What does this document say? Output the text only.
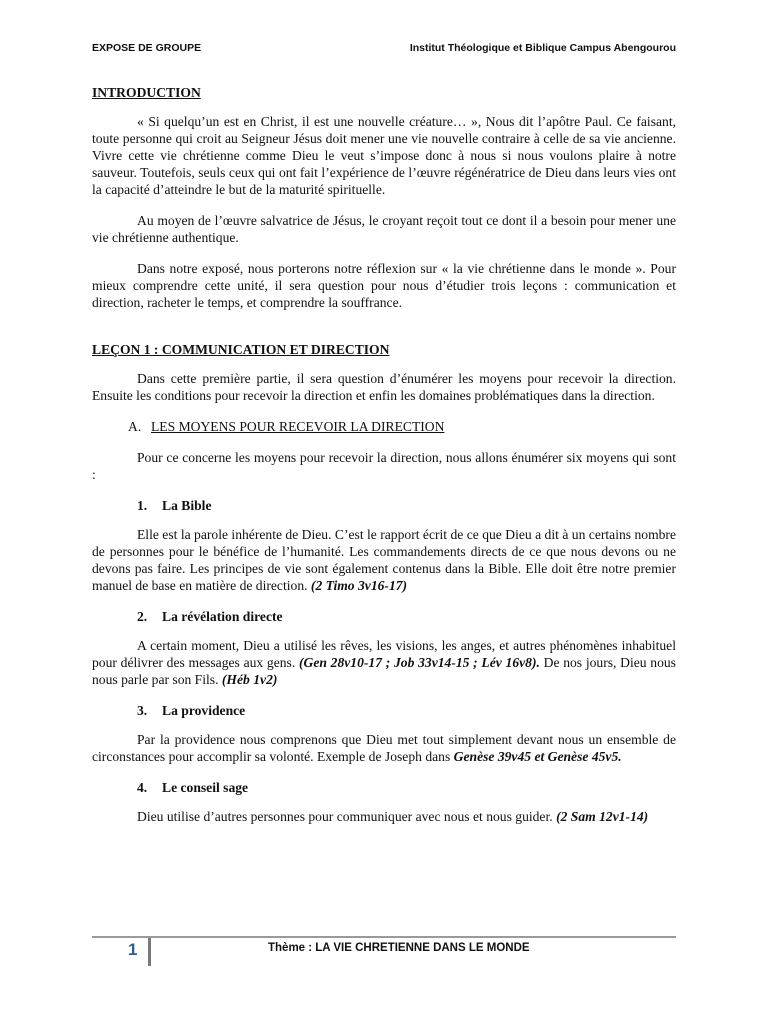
EXPOSE DE GROUPE	Institut Théologique et Biblique Campus Abengourou
INTRODUCTION

« Si quelqu’un est en Christ, il est une nouvelle créature… », Nous dit l’apôtre Paul. Ce faisant, toute personne qui croit au Seigneur Jésus doit mener une vie nouvelle contraire à celle de sa vie ancienne. Vivre cette vie chrétienne comme Dieu le veut s’impose donc à nous si nous voulons plaire à notre sauveur. Toutefois, seuls ceux qui ont fait l’expérience de l’œuvre régénératrice de Dieu dans leurs vies ont la capacité d’atteindre le but de la maturité spirituelle.

Au moyen de l’œuvre salvatrice de Jésus, le croyant reçoit tout ce dont il a besoin pour mener une vie chrétienne authentique.

Dans notre exposé, nous porterons notre réflexion sur « la vie chrétienne dans le monde ». Pour mieux comprendre cette unité, il sera question pour nous d’étudier trois leçons : communication et direction, racheter le temps, et comprendre la souffrance.

LEÇON 1 : COMMUNICATION ET DIRECTION

Dans cette première partie, il sera question d’énumérer les moyens pour recevoir la direction. Ensuite les conditions pour recevoir la direction et enfin les domaines problématiques dans la direction.

A. LES MOYENS POUR RECEVOIR LA DIRECTION

Pour ce concerne les moyens pour recevoir la direction, nous allons énumérer six moyens qui sont :

1. La Bible

Elle est la parole inhérente de Dieu. C’est le rapport écrit de ce que Dieu a dit à un certains nombre de personnes pour le bénéfice de l’humanité. Les commandements directs de ce que nous devons ou ne devons pas faire. Les principes de vie sont également contenus dans la Bible. Elle doit être notre premier manuel de base en matière de direction. (2 Timo 3v16-17)

2. La révélation directe

A certain moment, Dieu a utilisé les rêves, les visions, les anges, et autres phénomènes inhabituel pour délivrer des messages aux gens. (Gen 28v10-17 ; Job 33v14-15 ; Lév 16v8). De nos jours, Dieu nous nous parle par son Fils. (Héb 1v2)

3. La providence

Par la providence nous comprenons que Dieu met tout simplement devant nous un ensemble de circonstances pour accomplir sa volonté. Exemple de Joseph dans Genèse 39v45 et Genèse 45v5.

4. Le conseil sage

Dieu utilise d’autres personnes pour communiquer avec nous et nous guider. (2 Sam 12v1-14)

1	Thème : LA VIE CHRETIENNE DANS LE MONDE
